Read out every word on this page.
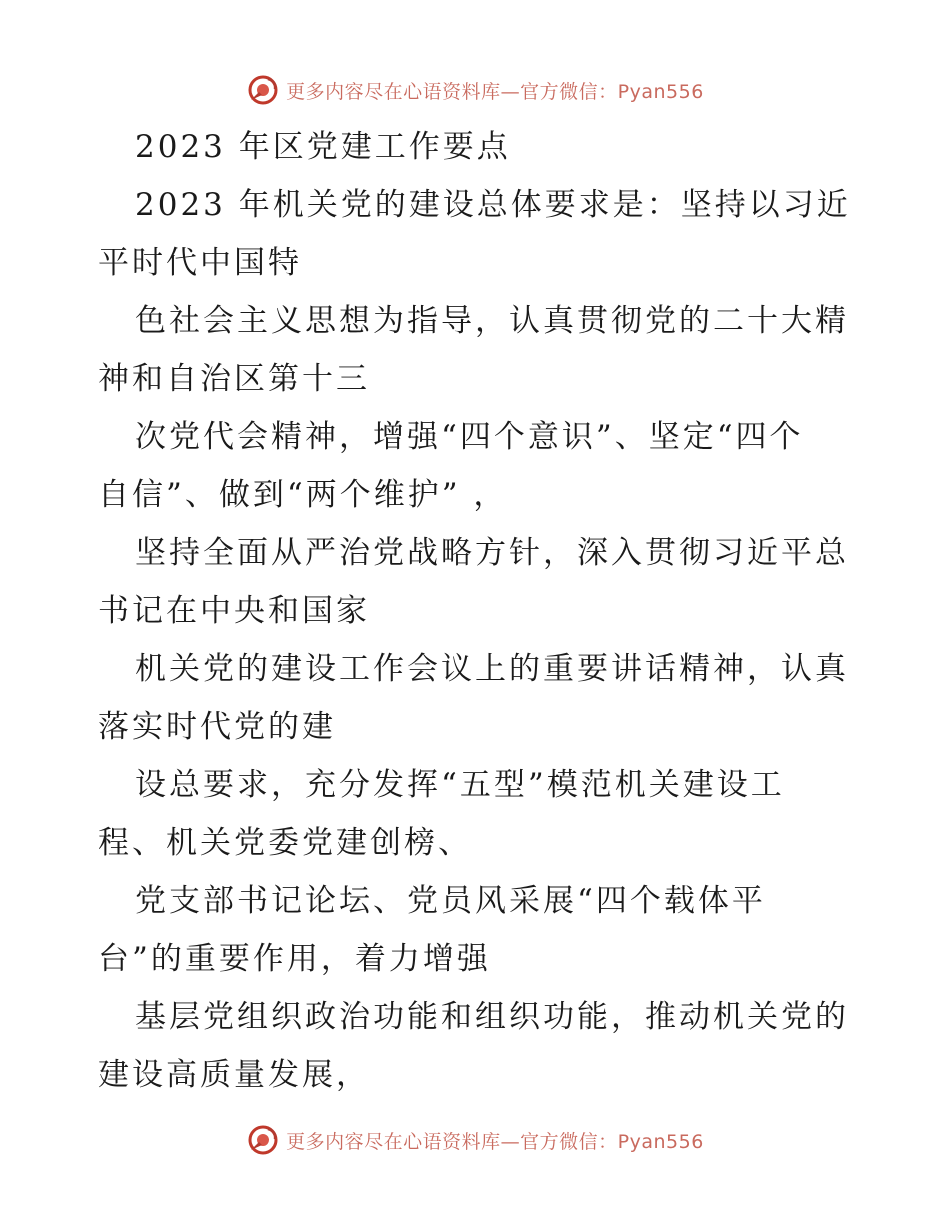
更多内容尽在心语资料库—官方微信：Pyan556
2023 年区党建工作要点
2023 年机关党的建设总体要求是：坚持以习近
平时代中国特
色社会主义思想为指导，认真贯彻党的二十大精
神和自治区第十三
次党代会精神，增强“四个意识”、坚定“四个
自信”、做到“两个维护” ，
坚持全面从严治党战略方针，深入贯彻习近平总
书记在中央和国家
机关党的建设工作会议上的重要讲话精神，认真
落实时代党的建
设总要求，充分发挥“五型”模范机关建设工
程、机关党委党建创榜、
党支部书记论坛、党员风采展“四个载体平
台”的重要作用，着力增强
基层党组织政治功能和组织功能，推动机关党的
建设高质量发展，
更多内容尽在心语资料库—官方微信：Pyan556
